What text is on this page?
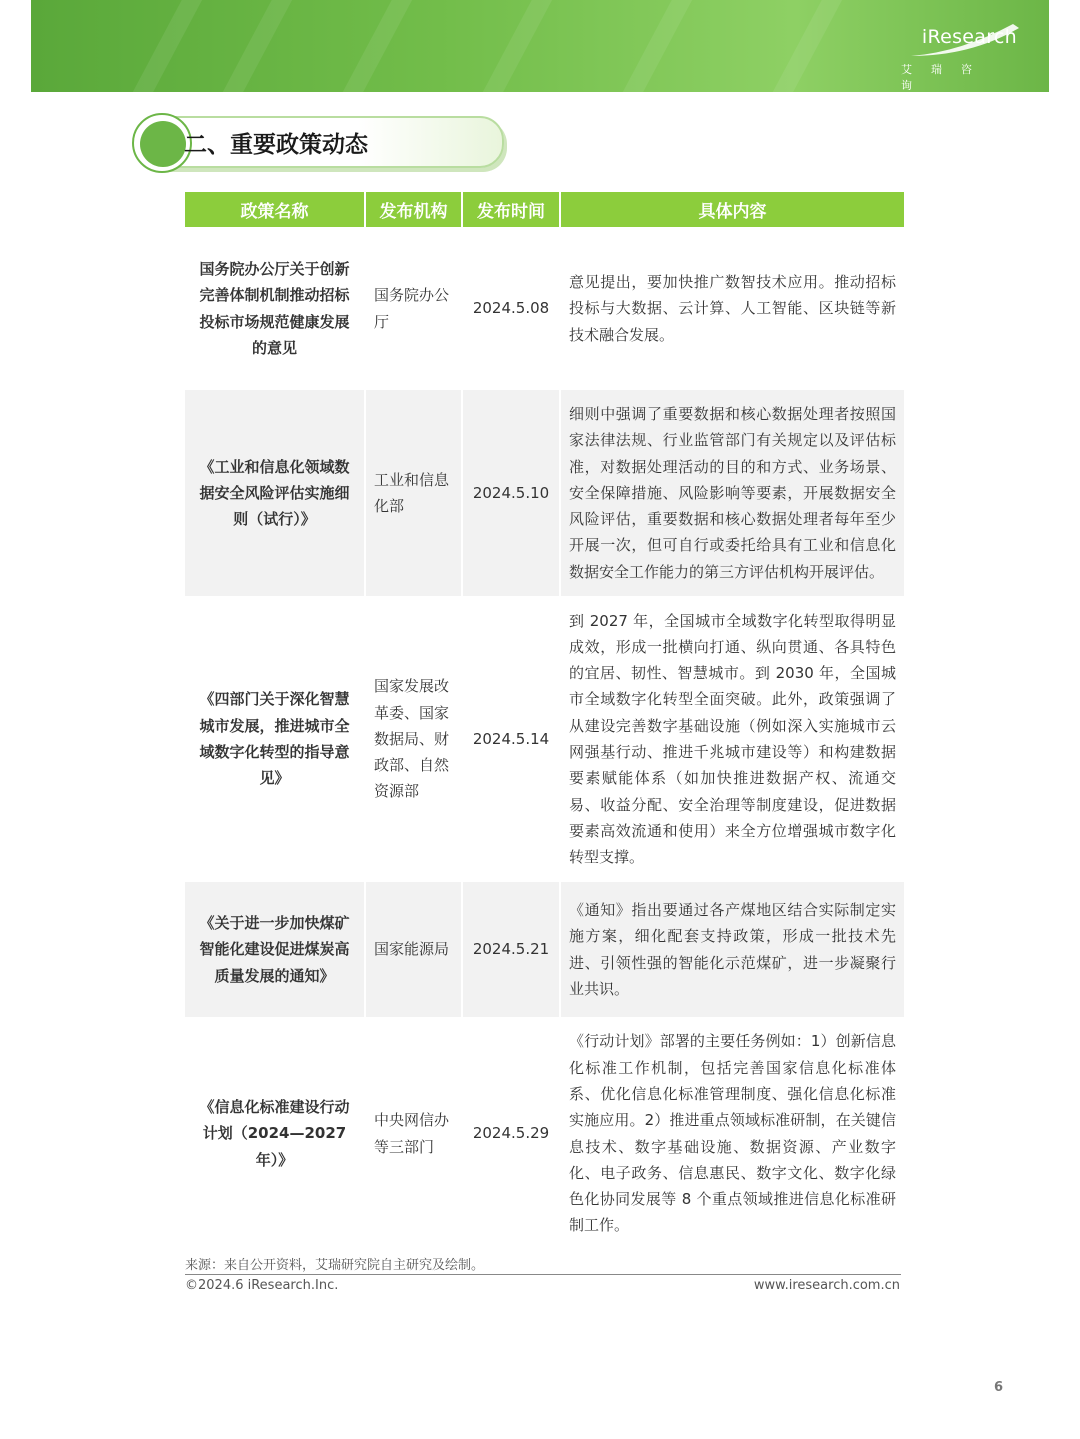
iResearch
艾瑞咨询
二、重要政策动态
政策名称	发布机构	发布时间	具体内容
国务院办公厅关于创新完善体制机制推动招标投标市场规范健康发展的意见	国务院办公厅	2024.5.08	意见提出，要加快推广数智技术应用。推动招标投标与大数据、云计算、人工智能、区块链等新技术融合发展。
《工业和信息化领域数据安全风险评估实施细则（试行）》	工业和信息化部	2024.5.10	细则中强调了重要数据和核心数据处理者按照国家法律法规、行业监管部门有关规定以及评估标准，对数据处理活动的目的和方式、业务场景、安全保障措施、风险影响等要素，开展数据安全风险评估，重要数据和核心数据处理者每年至少开展一次，但可自行或委托给具有工业和信息化数据安全工作能力的第三方评估机构开展评估。
《四部门关于深化智慧城市发展，推进城市全域数字化转型的指导意见》	国家发展改革委、国家数据局、财政部、自然资源部	2024.5.14	到 2027 年，全国城市全域数字化转型取得明显成效，形成一批横向打通、纵向贯通、各具特色的宜居、韧性、智慧城市。到 2030 年，全国城市全域数字化转型全面突破。此外，政策强调了从建设完善数字基础设施（例如深入实施城市云网强基行动、推进千兆城市建设等）和构建数据要素赋能体系（如加快推进数据产权、流通交易、收益分配、安全治理等制度建设，促进数据要素高效流通和使用）来全方位增强城市数字化转型支撑。
《关于进一步加快煤矿智能化建设促进煤炭高质量发展的通知》	国家能源局	2024.5.21	《通知》指出要通过各产煤地区结合实际制定实施方案，细化配套支持政策，形成一批技术先进、引领性强的智能化示范煤矿，进一步凝聚行业共识。
《信息化标准建设行动计划（2024—2027年）》	中央网信办等三部门	2024.5.29	《行动计划》部署的主要任务例如：1）创新信息化标准工作机制，包括完善国家信息化标准体系、优化信息化标准管理制度、强化信息化标准实施应用。2）推进重点领域标准研制，在关键信息技术、数字基础设施、数据资源、产业数字化、电子政务、信息惠民、数字文化、数字化绿色化协同发展等 8 个重点领域推进信息化标准研制工作。
来源：来自公开资料，艾瑞研究院自主研究及绘制。
©2024.6 iResearch.Inc.	www.iresearch.com.cn
6
